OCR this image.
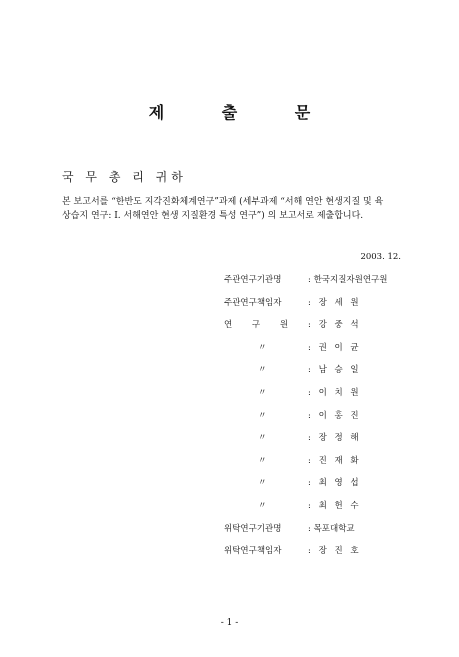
제 출 문
국 무 총 리 귀하
본 보고서를 “한반도 지각진화체계연구”과제 (세부과제 “서해 연안 현생지질 및 육
상습지 연구: Ⅰ. 서해연안 현생 지질환경 특성 연구”) 의 보고서로 제출합니다.
2003. 12.
주관연구기관명	: 한국지질자원연구원
주관연구책임자	: 장 세 원
연 구 원	: 강 중 석
〃	: 권 이 균
〃	: 남 승 일
〃	: 이 치 원
〃	: 이 홍 진
〃	: 장 정 해
〃	: 진 재 화
〃	: 최 영 섭
〃	: 최 헌 수
위탁연구기관명	: 목포대학교
위탁연구책임자	: 장 진 호
- 1 -
